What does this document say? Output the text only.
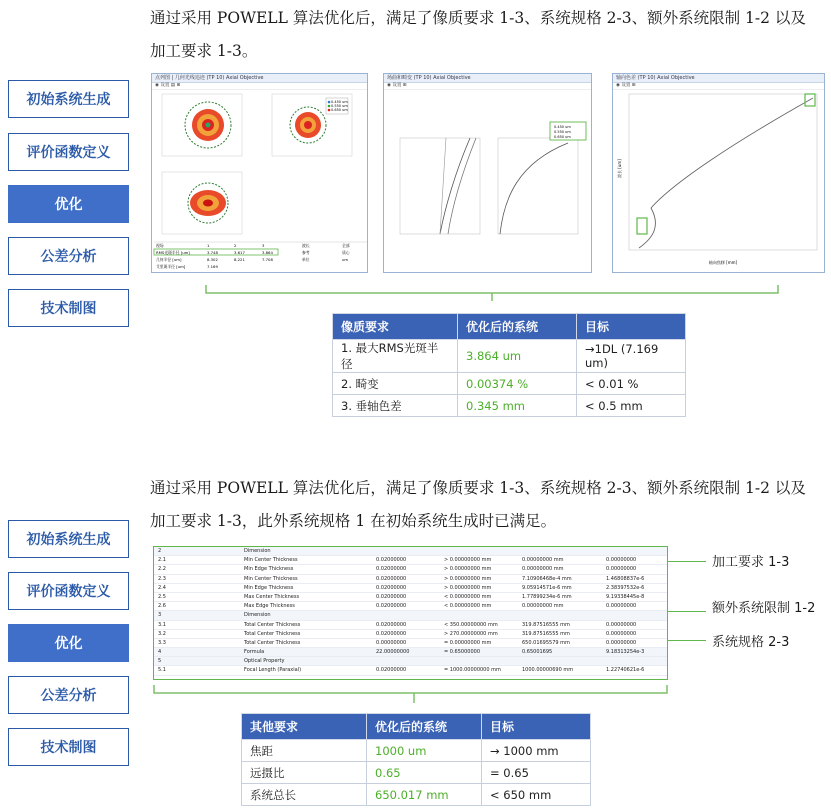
通过采用 POWELL 算法优化后，满足了像质要求 1-3、系统规格 2-3、额外系统限制 1-2 以及
加工要求 1-3。
初始系统生成
评价函数定义
优化
公差分析
技术制图
点列图 | 几何光线追迹 (TP 10) Axial Objective
◉ 设置 ▤ ⊞
0.450 um
0.550 um
0.650 um
视场	1	2	3
RMS光斑半径 [um]	3.748	3.617	3.864
几何半径 [um]	8.302	8.221	7.708
艾里斑半径 [um]	7.169
波长	全部
参考	质心
单位	um
场曲和畸变 (TP 10) Axial Objective
◉ 设置 ⊞
0.450 um
0.550 um
0.650 um
轴向色差 (TP 10) Axial Objective
◉ 设置 ⊞
轴向焦移 [mm]
波长 [um]
像质要求	优化后的系统	目标
1. 最大RMS光斑半径	3.864 um	→1DL (7.169 um)
2. 畸变	0.00374 %	< 0.01 %
3. 垂轴色差	0.345 mm	< 0.5 mm
通过采用 POWELL 算法优化后，满足了像质要求 1-3、系统规格 2-3、额外系统限制 1-2 以及
加工要求 1-3，此外系统规格 1 在初始系统生成时已满足。
初始系统生成
评价函数定义
优化
公差分析
技术制图
2	Dimension
2.1	Min Center Thickness	0.02000000	> 0.00000000 mm	0.00000000 mm	0.00000000
2.2	Min Edge Thickness	0.02000000	> 0.00000000 mm	0.00000000 mm	0.00000000
2.3	Min Center Thickness	0.02000000	> 0.00000000 mm	7.10906468e-4 mm	1.46808837e-6
2.4	Min Edge Thickness	0.02000000	> 0.00000000 mm	9.05914571e-6 mm	2.38397532e-6
2.5	Max Center Thickness	0.02000000	< 0.00000000 mm	1.77899234e-6 mm	9.19338445e-8
2.6	Max Edge Thickness	0.02000000	< 0.00000000 mm	0.00000000 mm	0.00000000
3	Dimension
3.1	Total Center Thickness	0.02000000	< 350.00000000 mm	319.87516555 mm	0.00000000
3.2	Total Center Thickness	0.02000000	> 270.00000000 mm	319.87516555 mm	0.00000000
3.3	Total Center Thickness	0.00000000	= 0.00000000 mm	650.01695579 mm	0.00000000
4	Formula	22.00000000	= 0.65000000	0.65001695	9.18313254e-3
5	Optical Property
5.1	Focal Length (Paraxial)	0.02000000	= 1000.00000000 mm	1000.00000690 mm	1.22740621e-6
加工要求 1-3
额外系统限制 1-2
系统规格 2-3
其他要求	优化后的系统	目标
焦距	1000 um	→ 1000 mm
远摄比	0.65	= 0.65
系统总长	650.017 mm	< 650 mm
